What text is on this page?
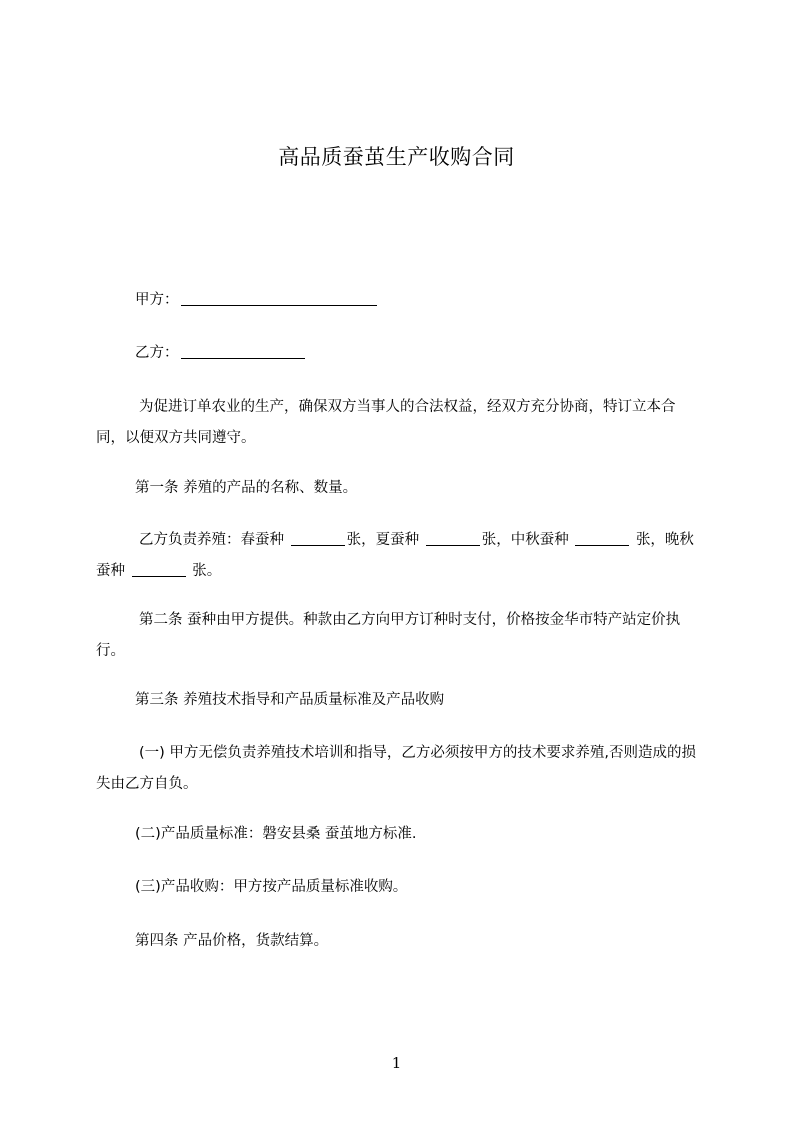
高品质蚕茧生产收购合同
甲方：
乙方：
为促进订单农业的生产，确保双方当事人的合法权益，经双方充分协商，特订立本合同，以便双方共同遵守。
第一条 养殖的产品的名称、数量。
乙方负责养殖：春蚕种	张，夏蚕种	张，中秋蚕种	张，晚秋蚕种	张。
第二条 蚕种由甲方提供。种款由乙方向甲方订种时支付，价格按金华市特产站定价执行。
第三条 养殖技术指导和产品质量标准及产品收购
(一) 甲方无偿负责养殖技术培训和指导，乙方必须按甲方的技术要求养殖,否则造成的损失由乙方自负。
(二)产品质量标准：磐安县桑 蚕茧地方标准.
(三)产品收购：甲方按产品质量标准收购。
第四条 产品价格，货款结算。
1
